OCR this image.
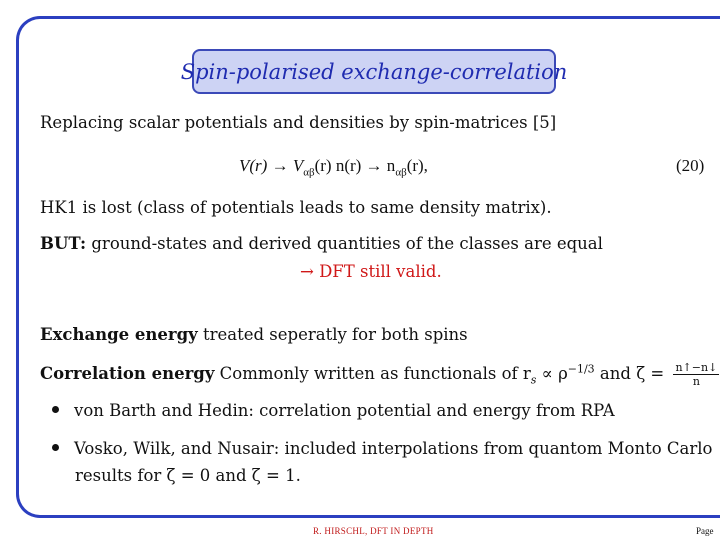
Spin-polarised exchange-correlation
Replacing scalar potentials and densities by spin-matrices [5]
$V(r) \to V_{\alpha\beta}(r) n(r) \to n_{\alpha\beta}(r)$,	(20)
HK1 is lost (class of potentials leads to same density matrix).
BUT: ground-states and derived quantities of the classes are equal
→ DFT still valid.
Exchange energy treated seperatly for both spins
Correlation energy Commonly written as functionals of $r_s \propto \rho^{-1/3}$ and $\zeta = \frac{n↑-n↓}{n}$
von Barth and Hedin: correlation potential and energy from RPA
Vosko, Wilk, and Nusair: included interpolations from quantom Monto Carlo
results for ζ = 0 and ζ = 1.
R. HIRSCHL, DFT IN DEPTH	Page
